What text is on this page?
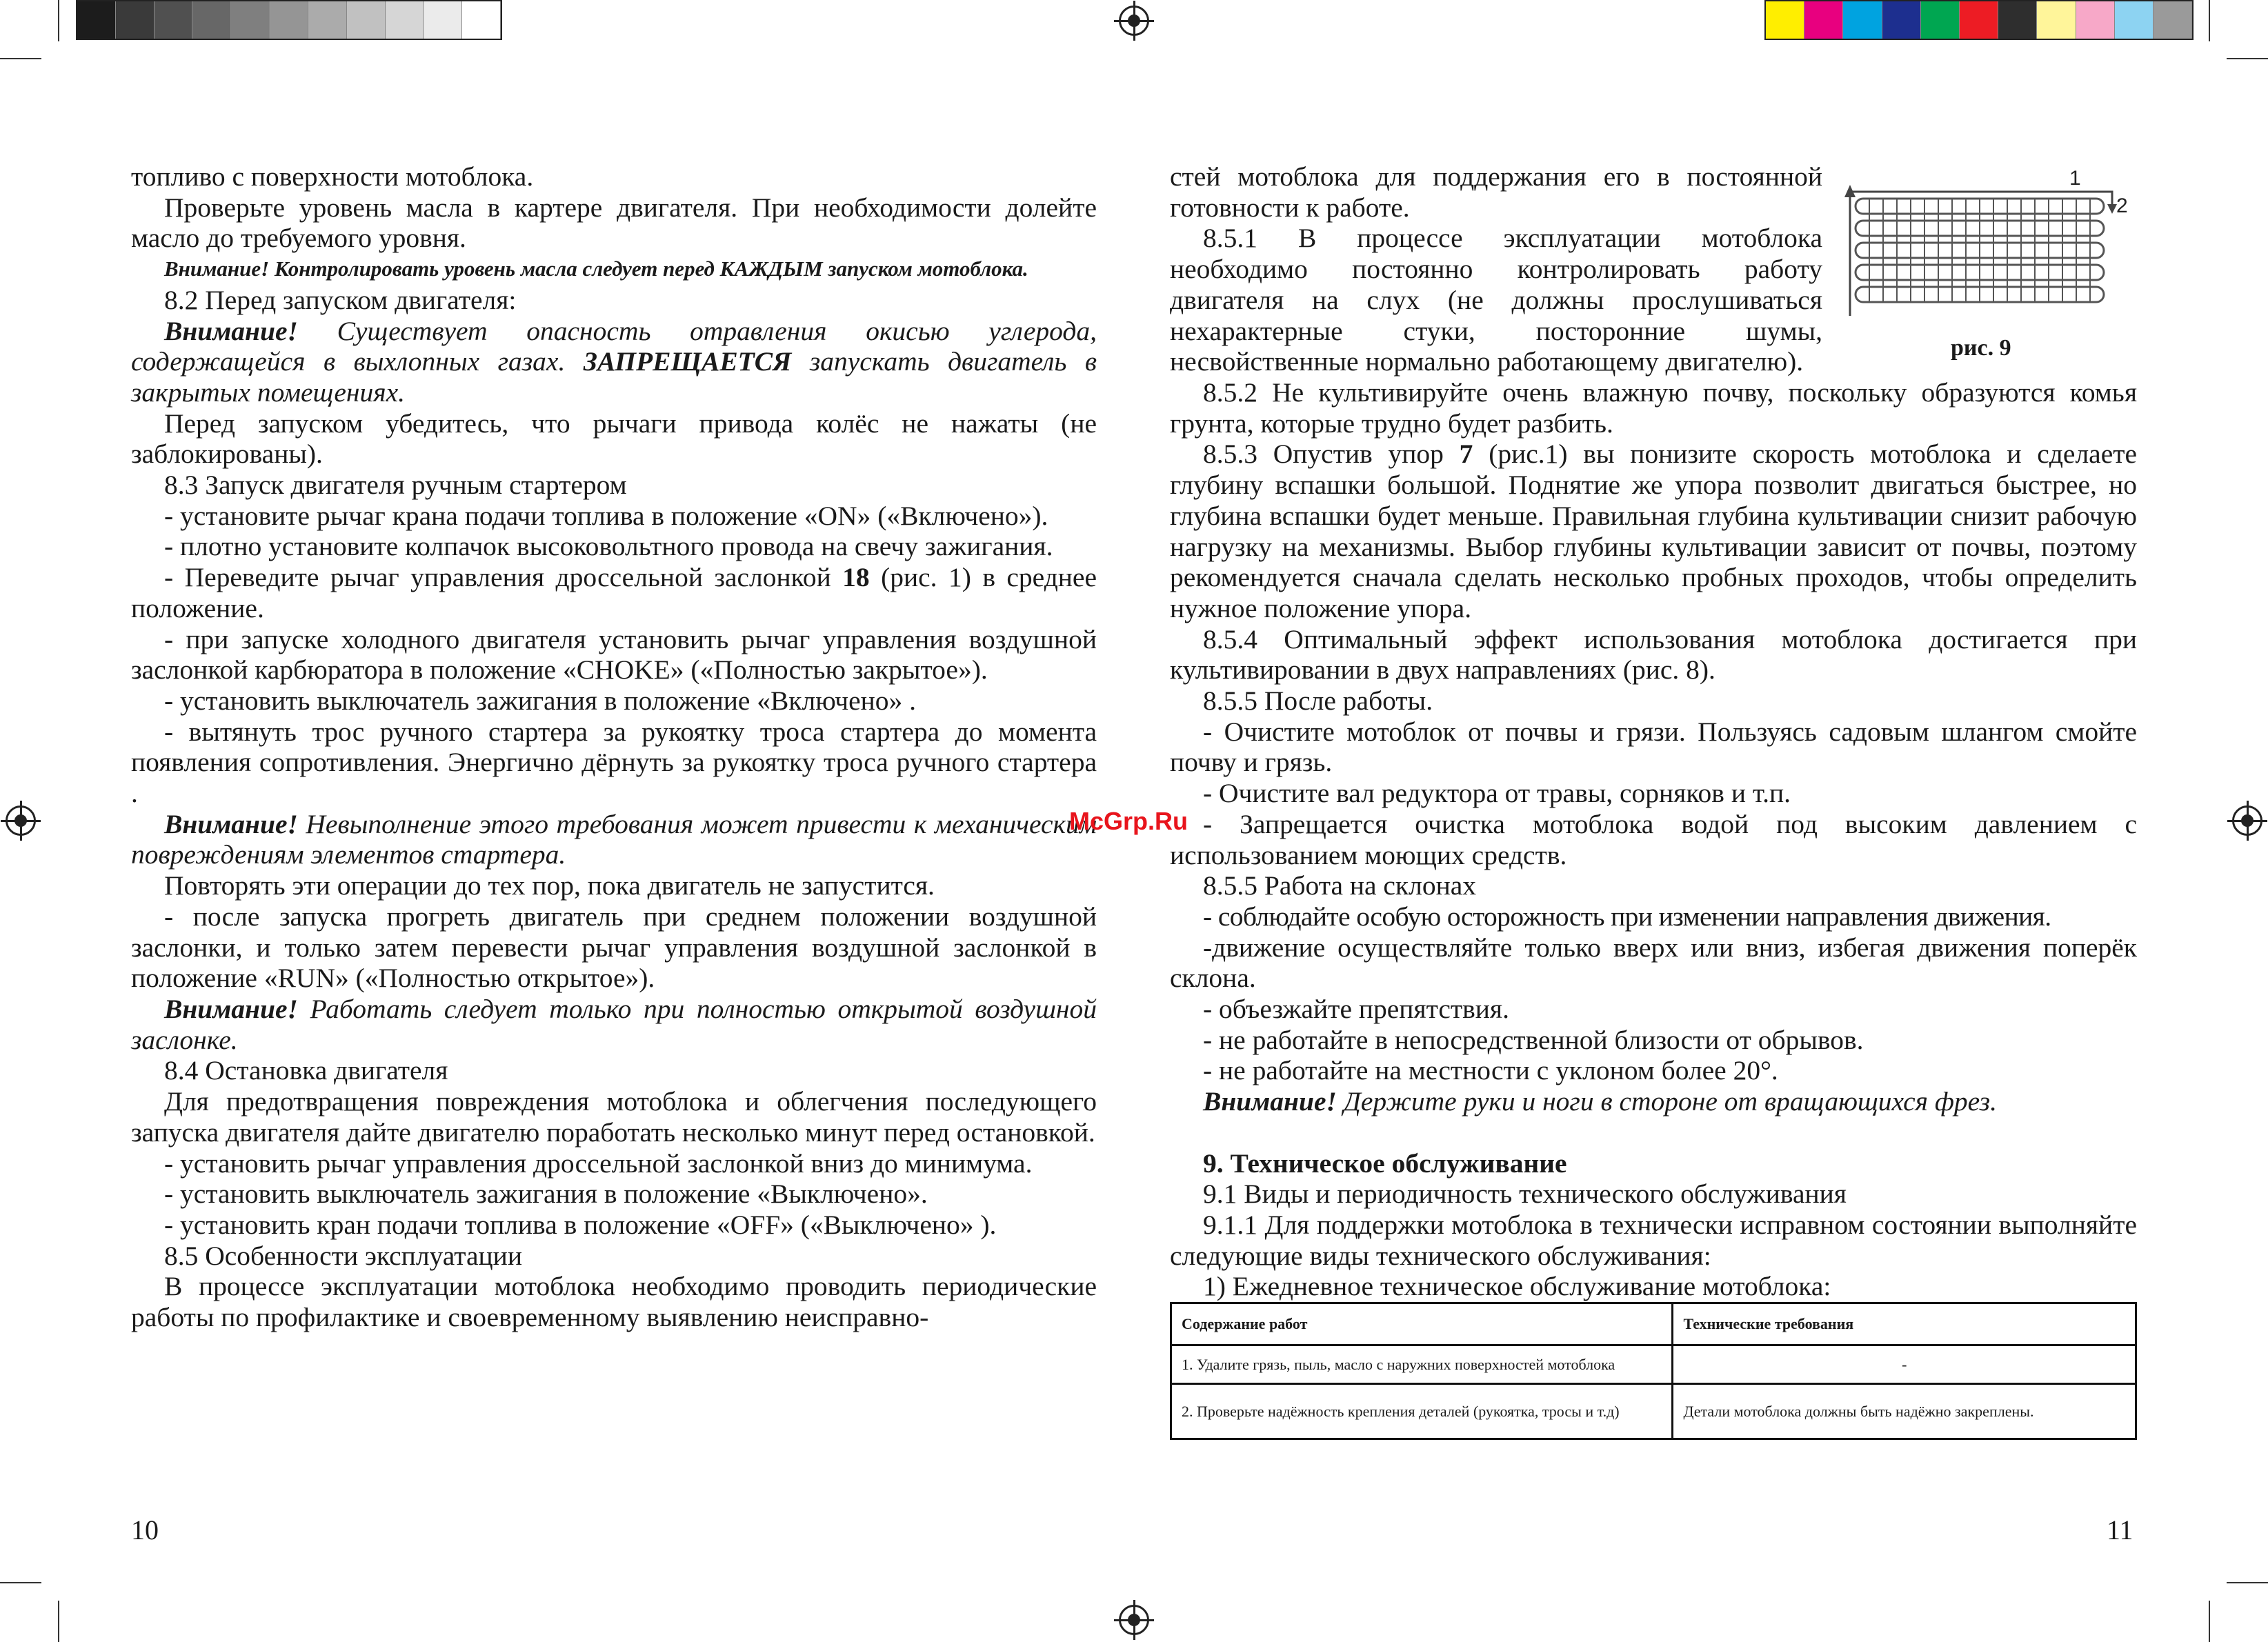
топливо с поверхности мотоблока.

Проверьте уровень масла в картере двигателя. При необходимости долейте масло до требуемого уровня.

Внимание! Контролировать уровень масла следует перед КАЖДЫМ запуском мотоблока.

8.2 Перед запуском двигателя:

Внимание! Существует опасность отравления окисью углерода, содержащейся в выхлопных газах. ЗАПРЕЩАЕТСЯ запускать двигатель в закрытых помещениях.

Перед запуском убедитесь, что рычаги привода колёс не нажаты (не заблокированы).

8.3 Запуск двигателя ручным стартером

- установите рычаг крана подачи топлива в положение «ON» («Включено»).

- плотно установите колпачок высоковольтного провода на свечу зажигания.

- Переведите рычаг управления дроссельной заслонкой 18 (рис. 1) в среднее положение.

- при запуске холодного двигателя установить рычаг управления воздушной заслонкой карбюратора в положение «CHOKE» («Полностью закрытое»).

- установить выключатель зажигания в положение «Включено» .

- вытянуть трос ручного стартера за рукоятку троса стартера до момента появления сопротивления. Энергично дёрнуть за рукоятку троса ручного стартера .

Внимание! Невыполнение этого требования может привести к механическим повреждениям элементов стартера.

Повторять эти операции до тех пор, пока двигатель не запустится.

- после запуска прогреть двигатель при среднем положении воздушной заслонки, и только затем перевести рычаг управления воздушной заслонкой в положение «RUN» («Полностью открытое»).

Внимание! Работать следует только при полностью открытой воздушной заслонке.

8.4 Остановка двигателя

Для предотвращения повреждения мотоблока и облегчения последующего запуска двигателя дайте двигателю поработать несколько минут перед остановкой.

- установить рычаг управления дроссельной заслонкой вниз до минимума.

- установить выключатель зажигания в положение «Выключено».

- установить кран подачи топлива в положение «OFF» («Выключено» ).

8.5 Особенности эксплуатации

В процессе эксплуатации мотоблока необходимо проводить периодические работы по профилактике и своевременному выявлению неисправно-

10
McGrp.Ru
1
2
рис. 9

стей мотоблока для поддержания его в постоянной готовности к работе.

8.5.1 В процессе эксплуатации мотоблока необходимо постоянно контролировать работу двигателя на слух (не должны прослушиваться нехарактерные стуки, посторонние шумы, несвойственные нормально работающему двигателю).

8.5.2 Не культивируйте очень влажную почву, поскольку образуются комья грунта, которые трудно будет разбить.

8.5.3 Опустив упор 7 (рис.1) вы понизите скорость мотоблока и сделаете глубину вспашки большой. Поднятие же упора позволит двигаться быстрее, но глубина вспашки будет меньше. Правильная глубина культивации снизит рабочую нагрузку на механизмы. Выбор глубины культивации зависит от почвы, поэтому рекомендуется сначала сделать несколько пробных проходов, чтобы определить нужное положение упора.

8.5.4 Оптимальный эффект использования мотоблока достигается при культивировании в двух направлениях (рис. 8).

8.5.5 После работы.

- Очистите мотоблок от почвы и грязи. Пользуясь садовым шлангом смойте почву и грязь.

- Очистите вал редуктора от травы, сорняков и т.п.

- Запрещается очистка мотоблока водой под высоким давлением с использованием моющих средств.

8.5.5 Работа на склонах

- соблюдайте особую осторожность при изменении направления движения.

-движение осуществляйте только вверх или вниз, избегая движения поперёк склона.

- объезжайте препятствия.

- не работайте в непосредственной близости от обрывов.

- не работайте на местности с уклоном более 20°.

Внимание! Держите руки и ноги в стороне от вращающихся фрез.

9. Техническое обслуживание

9.1 Виды и периодичность технического обслуживания

9.1.1 Для поддержки мотоблока в технически исправном состоянии выполняйте следующие виды технического обслуживания:

1) Ежедневное техническое обслуживание мотоблока:

Содержание работ	Технические требования
1. Удалите грязь, пыль, масло с наружних поверхностей мотоблока	-
2. Проверьте надёжность крепления деталей (рукоятка, тросы и т.д)	Детали мотоблока должны быть надёжно закреплены.
11
